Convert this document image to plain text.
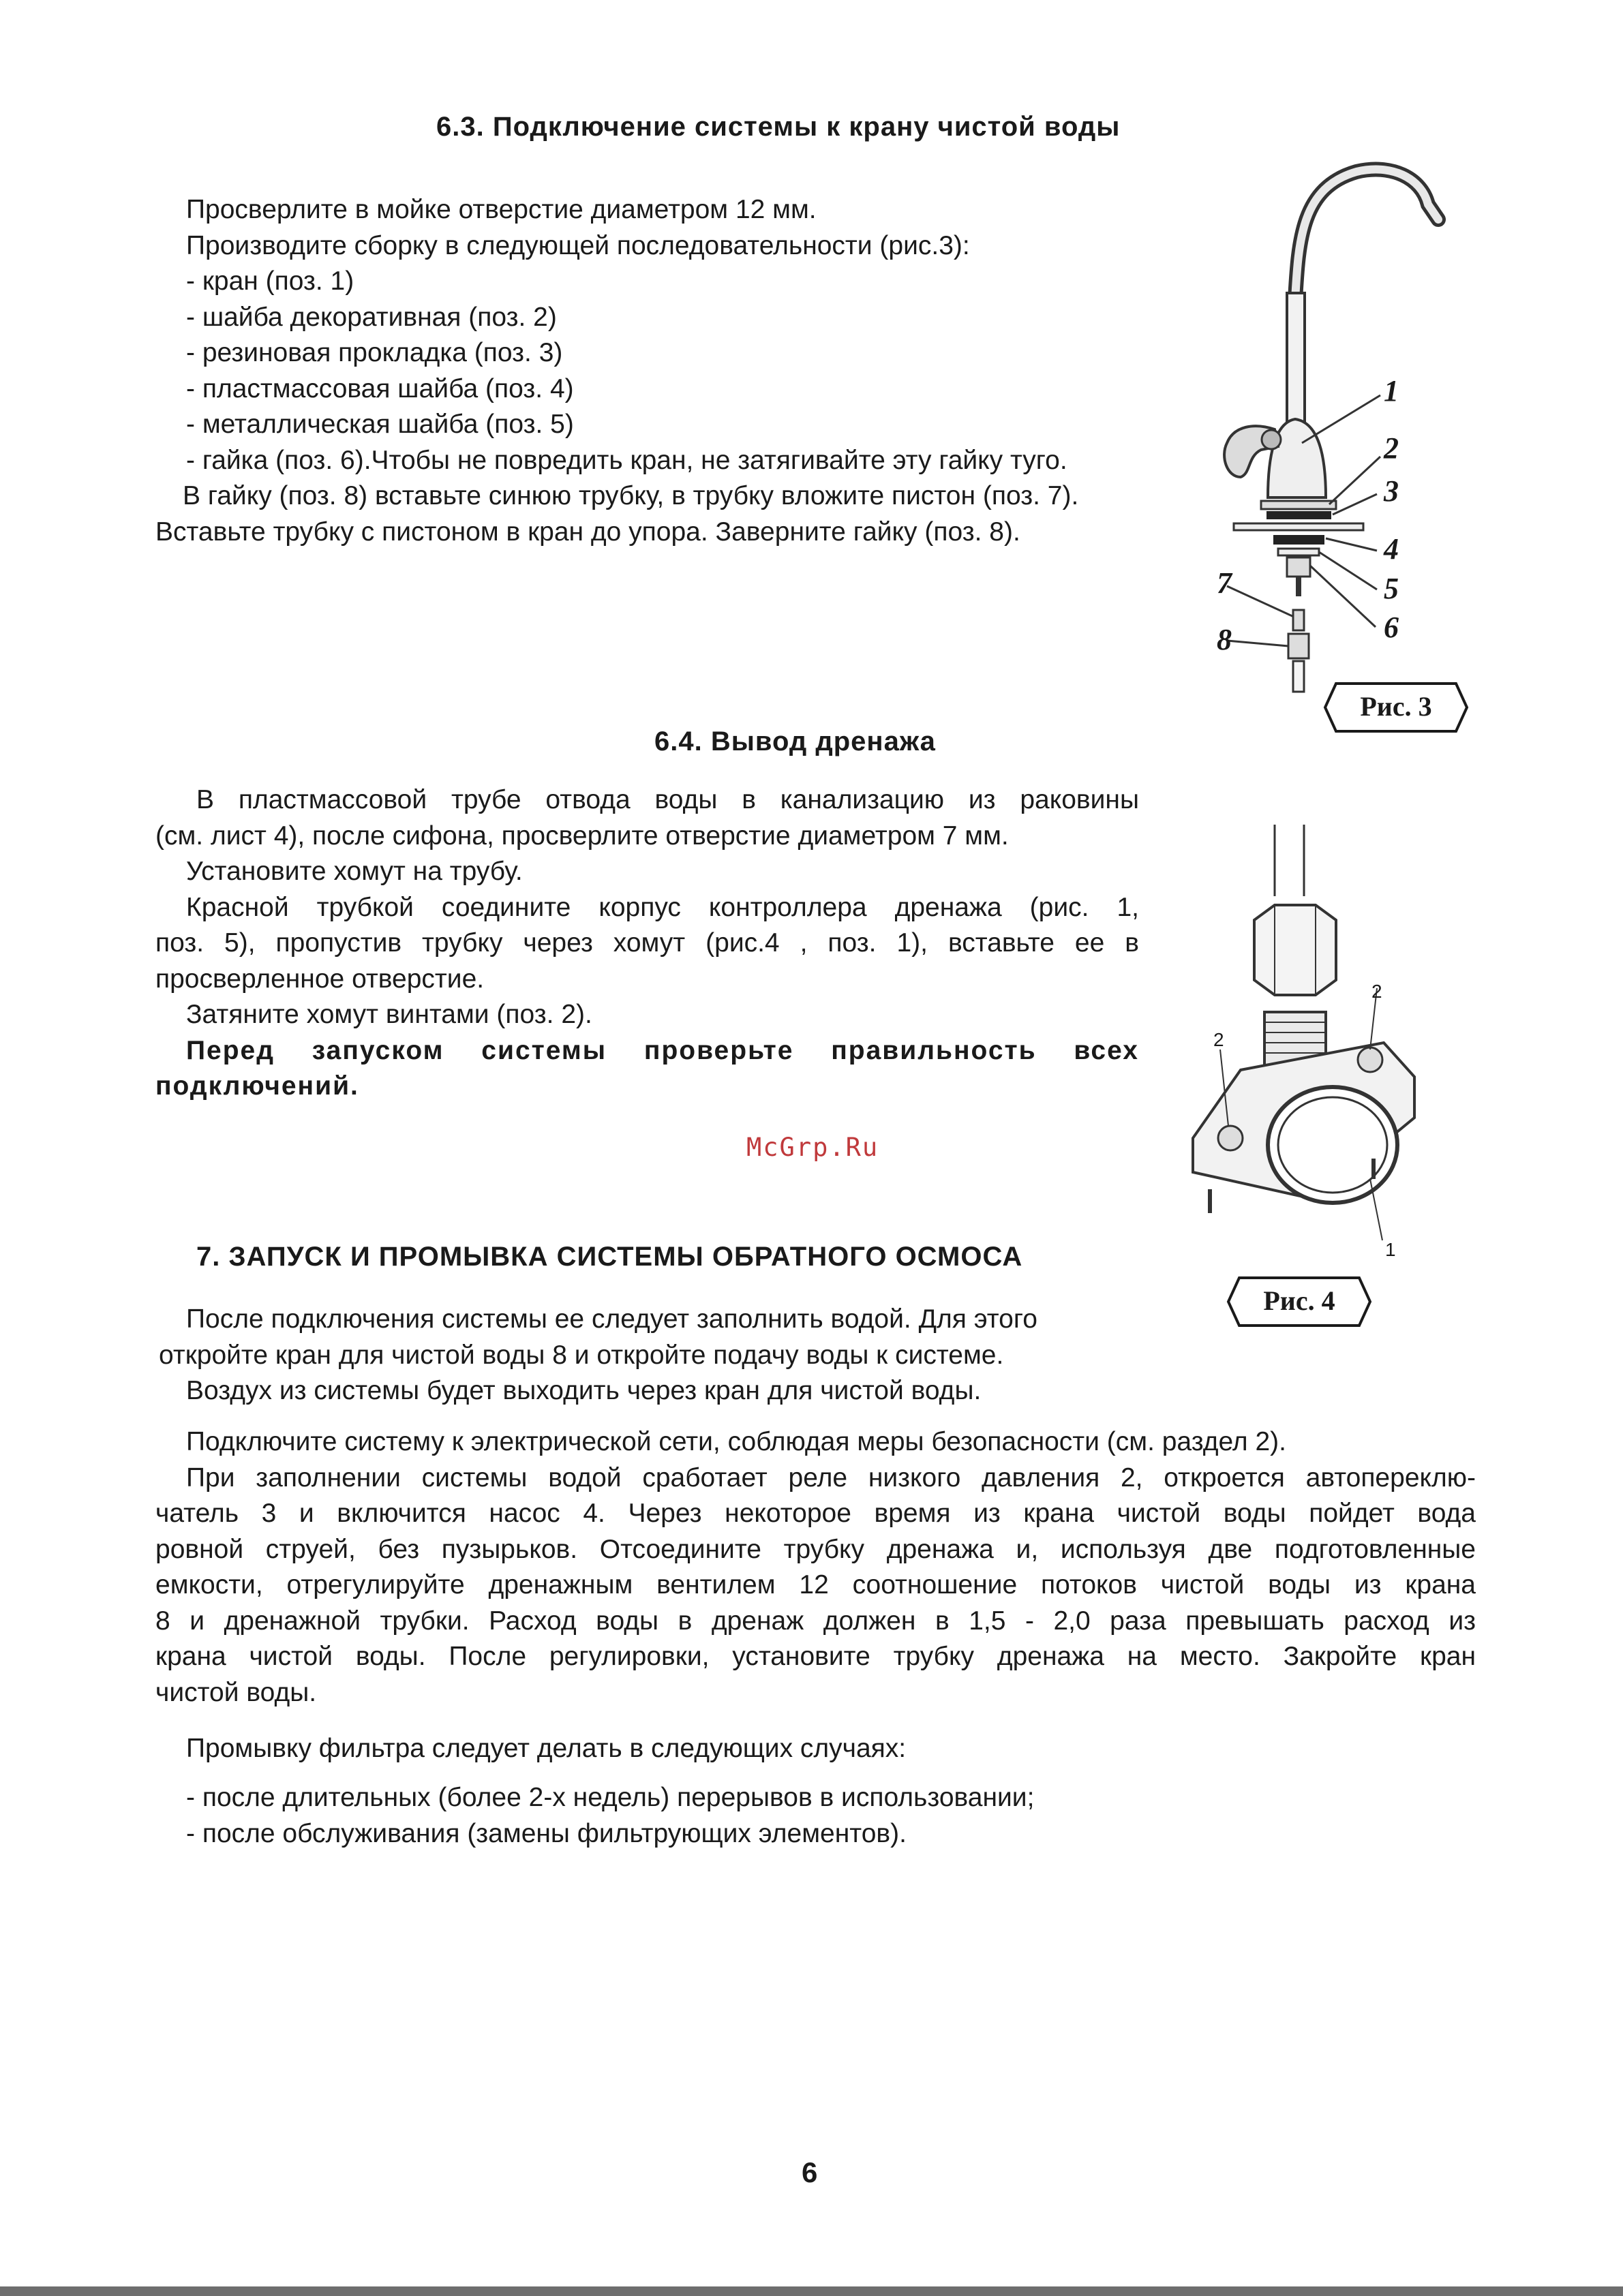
6.3. Подключение системы к крану чистой воды
Просверлите в мойке отверстие диаметром 12 мм.
Производите сборку в следующей последовательности (рис.3):
- кран (поз. 1)
- шайба декоративная (поз. 2)
- резиновая прокладка (поз. 3)
- пластмассовая шайба (поз. 4)
- металлическая шайба (поз. 5)
- гайка (поз. 6).Чтобы не повредить кран, не затягивайте эту гайку туго.
В гайку (поз. 8) вставьте синюю трубку, в трубку вложите пистон (поз. 7).
Вставьте трубку с пистоном в кран до упора. Заверните гайку (поз. 8).
1
2
3
4
5
6
7
8
Рис. 3
6.4. Вывод дренажа
В пластмассовой трубе отвода воды в канализацию из раковины
(см. лист 4), после сифона, просверлите отверстие диаметром 7 мм.
Установите хомут на трубу.
Красной трубкой соедините корпус контроллера дренажа (рис. 1,
поз. 5), пропустив трубку через хомут (рис.4 , поз. 1), вставьте ее в
просверленное отверстие.
Затяните хомут винтами (поз. 2).
Перед запуском системы проверьте правильность всех
подключений.
McGrp.Ru
2
2
1
Рис. 4
7. ЗАПУСК И ПРОМЫВКА СИСТЕМЫ ОБРАТНОГО ОСМОСА
После подключения системы ее следует заполнить водой. Для этого
откройте кран для чистой воды 8 и откройте подачу воды к системе.
Воздух из системы будет выходить через кран для чистой воды.
Подключите систему к электрической сети, соблюдая меры безопасности (см. раздел 2).
При заполнении системы водой сработает реле низкого давления 2, откроется автопереклю-
чатель 3 и включится насос 4. Через некоторое время из крана чистой воды пойдет вода
ровной струей, без пузырьков. Отсоедините трубку дренажа и, используя две подготовленные
емкости, отрегулируйте дренажным вентилем 12 соотношение потоков чистой воды из крана
8 и дренажной трубки. Расход воды в дренаж должен в 1,5 - 2,0 раза превышать расход из
крана чистой воды. После регулировки, установите трубку дренажа на место. Закройте кран
чистой воды.
Промывку фильтра следует делать в следующих случаях:
- после длительных (более 2-х недель) перерывов в использовании;
- после обслуживания (замены фильтрующих элементов).
6
